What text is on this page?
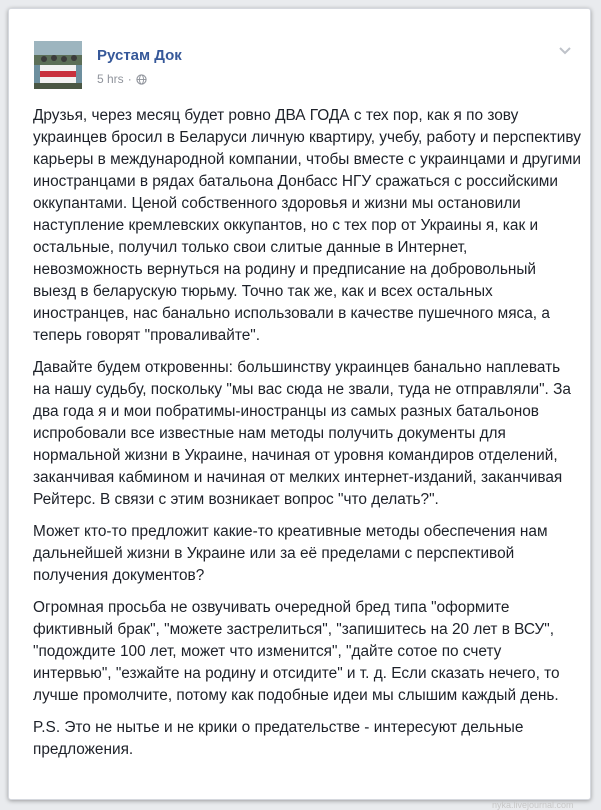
Рустам Док
5 hrs ·

Друзья, через месяц будет ровно ДВА ГОДА с тех пор, как я по зову украинцев бросил в Беларуси личную квартиру, учебу, работу и перспективу карьеры в международной компании, чтобы вместе с украинцами и другими иностранцами в рядах батальона Донбасс НГУ сражаться с российскими оккупантами. Ценой собственного здоровья и жизни мы остановили наступление кремлевских оккупантов, но с тех пор от Украины я, как и остальные, получил только свои слитые данные в Интернет, невозможность вернуться на родину и предписание на добровольный выезд в беларускую тюрьму. Точно так же, как и всех остальных иностранцев, нас банально использовали в качестве пушечного мяса, а теперь говорят "проваливайте".

Давайте будем откровенны: большинству украинцев банально наплевать на нашу судьбу, поскольку "мы вас сюда не звали, туда не отправляли". За два года я и мои побратимы-иностранцы из самых разных батальонов испробовали все известные нам методы получить документы для нормальной жизни в Украине, начиная от уровня командиров отделений, заканчивая кабмином и начиная от мелких интернет-изданий, заканчивая Рейтерс. В связи с этим возникает вопрос "что делать?".

Может кто-то предложит какие-то креативные методы обеспечения нам дальнейшей жизни в Украине или за её пределами с перспективой получения документов?

Огромная просьба не озвучивать очередной бред типа "оформите фиктивный брак", "можете застрелиться", "запишитесь на 20 лет в ВСУ", "подождите 100 лет, может что изменится", "дайте сотое по счету интервью", "езжайте на родину и отсидите" и т. д. Если сказать нечего, то лучше промолчите, потому как подобные идеи мы слышим каждый день.

P.S. Это не нытье и не крики о предательстве - интересуют дельные предложения.

nyka.livejournal.com
